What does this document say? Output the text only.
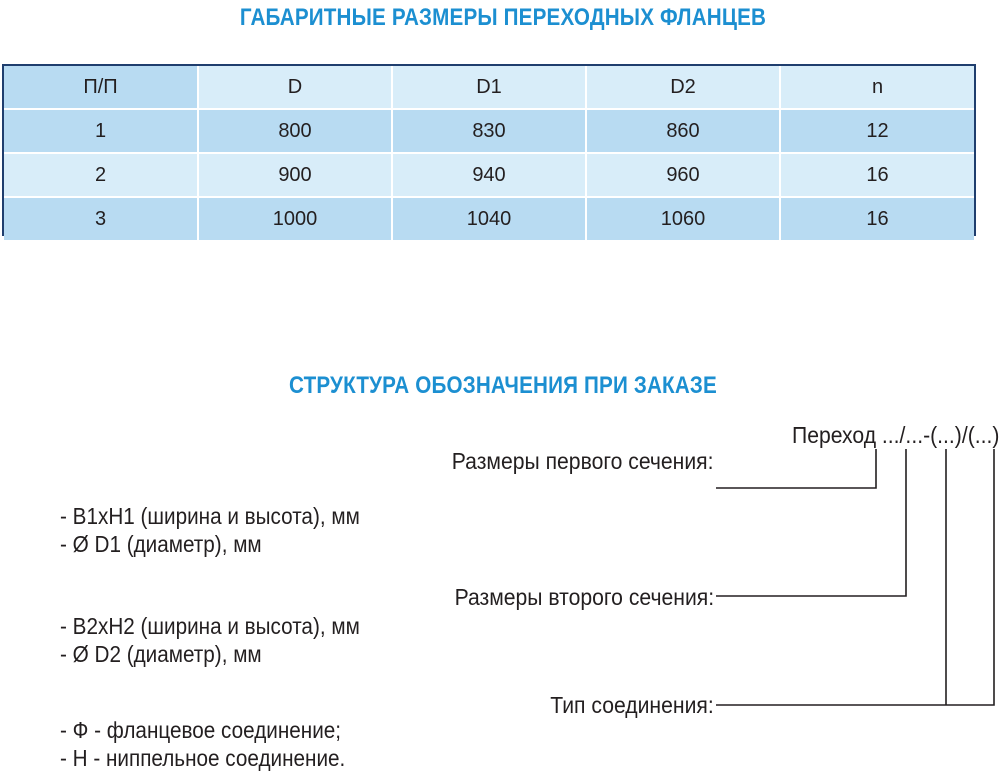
ГАБАРИТНЫЕ РАЗМЕРЫ ПЕРЕХОДНЫХ ФЛАНЦЕВ
П/П	D	D1	D2	n
1	800	830	860	12
2	900	940	960	16
3	1000	1040	1060	16
СТРУКТУРА ОБОЗНАЧЕНИЯ ПРИ ЗАКАЗЕ
Переход .../...-(...)/(...)
Размеры первого сечения:
- B1xH1 (ширина и высота), мм
- Ø D1 (диаметр), мм
Размеры второго сечения:
- B2xH2 (ширина и высота), мм
- Ø D2 (диаметр), мм
Тип соединения:
- Ф - фланцевое соединение;
- Н - ниппельное соединение.
